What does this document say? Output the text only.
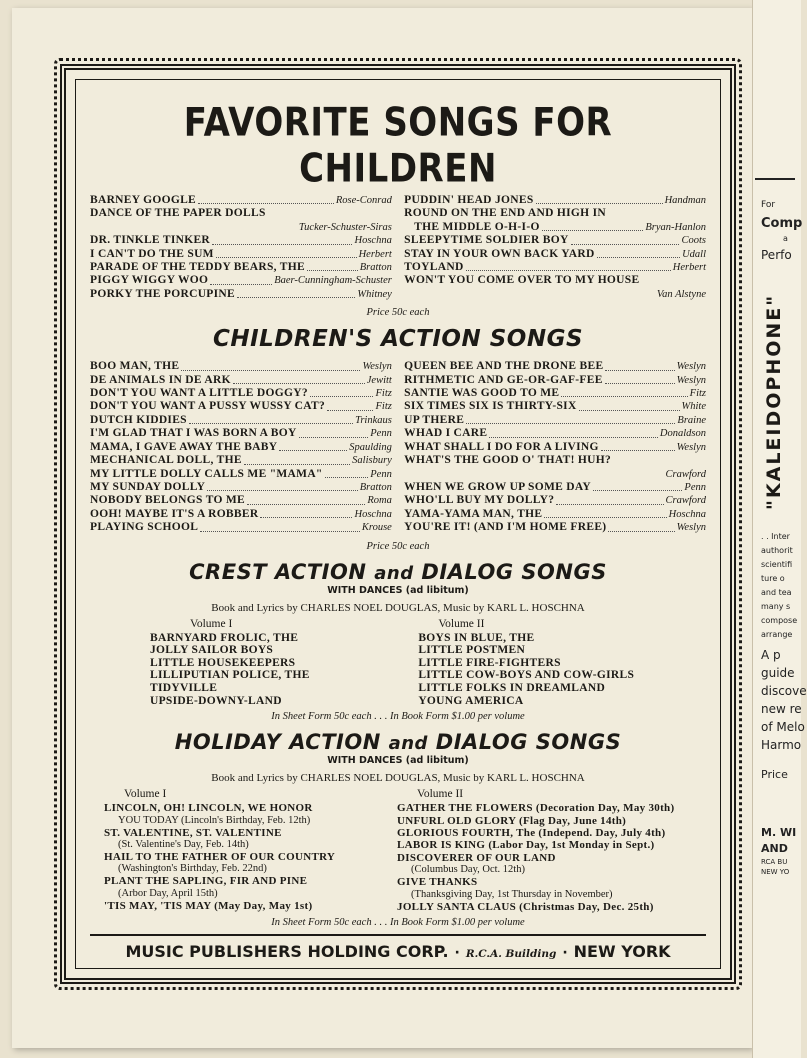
For
Comp
a
Perfo
"KALEIDOPHONE"
. . Inter
authorit
scientifi
ture o
and tea
many s
compose
arrange
A p
guide
discove
new re
of Melo
Harmo
Price
M. WI
AND
RCA BU
NEW YO
FAVORITE SONGS FOR CHILDREN
BARNEY GOOGLE	Rose-Conrad
DANCE OF THE PAPER DOLLS
Tucker-Schuster-Siras
DR. TINKLE TINKER	Hoschna
I CAN'T DO THE SUM	Herbert
PARADE OF THE TEDDY BEARS, THE	Bratton
PIGGY WIGGY WOO	Baer-Cunningham-Schuster
PORKY THE PORCUPINE	Whitney
PUDDIN' HEAD JONES	Handman
ROUND ON THE END AND HIGH IN
THE MIDDLE O-H-I-O	Bryan-Hanlon
SLEEPYTIME SOLDIER BOY	Coots
STAY IN YOUR OWN BACK YARD	Udall
TOYLAND	Herbert
WON'T YOU COME OVER TO MY HOUSE
Van Alstyne
Price 50c each
CHILDREN'S ACTION SONGS
BOO MAN, THE	Weslyn
DE ANIMALS IN DE ARK	Jewitt
DON'T YOU WANT A LITTLE DOGGY?	Fitz
DON'T YOU WANT A PUSSY WUSSY CAT?	Fitz
DUTCH KIDDIES	Trinkaus
I'M GLAD THAT I WAS BORN A BOY	Penn
MAMA, I GAVE AWAY THE BABY	Spaulding
MECHANICAL DOLL, THE	Salisbury
MY LITTLE DOLLY CALLS ME "MAMA"	Penn
MY SUNDAY DOLLY	Bratton
NOBODY BELONGS TO ME	Roma
OOH! MAYBE IT'S A ROBBER	Hoschna
PLAYING SCHOOL	Krouse
QUEEN BEE AND THE DRONE BEE	Weslyn
RITHMETIC AND GE-OR-GAF-FEE	Weslyn
SANTIE WAS GOOD TO ME	Fitz
SIX TIMES SIX IS THIRTY-SIX	White
UP THERE	Braine
WHAD I CARE	Donaldson
WHAT SHALL I DO FOR A LIVING	Weslyn
WHAT'S THE GOOD O' THAT! HUH?
Crawford
WHEN WE GROW UP SOME DAY	Penn
WHO'LL BUY MY DOLLY?	Crawford
YAMA-YAMA MAN, THE	Hoschna
YOU'RE IT! (AND I'M HOME FREE)	Weslyn
Price 50c each
CREST ACTION and DIALOG SONGS
WITH DANCES (ad libitum)
Book and Lyrics by CHARLES NOEL DOUGLAS, Music by KARL L. HOSCHNA
Volume I
BARNYARD FROLIC, THE
JOLLY SAILOR BOYS
LITTLE HOUSEKEEPERS
LILLIPUTIAN POLICE, THE
TIDYVILLE
UPSIDE-DOWNY-LAND
Volume II
BOYS IN BLUE, THE
LITTLE POSTMEN
LITTLE FIRE-FIGHTERS
LITTLE COW-BOYS AND COW-GIRLS
LITTLE FOLKS IN DREAMLAND
YOUNG AMERICA
In Sheet Form 50c each . . . In Book Form $1.00 per volume
HOLIDAY ACTION and DIALOG SONGS
WITH DANCES (ad libitum)
Book and Lyrics by CHARLES NOEL DOUGLAS, Music by KARL L. HOSCHNA
Volume I
LINCOLN, OH! LINCOLN, WE HONOR
YOU TODAY (Lincoln's Birthday, Feb. 12th)
ST. VALENTINE, ST. VALENTINE
(St. Valentine's Day, Feb. 14th)
HAIL TO THE FATHER OF OUR COUNTRY
(Washington's Birthday, Feb. 22nd)
PLANT THE SAPLING, FIR AND PINE
(Arbor Day, April 15th)
'TIS MAY, 'TIS MAY (May Day, May 1st)
Volume II
GATHER THE FLOWERS (Decoration Day, May 30th)
UNFURL OLD GLORY (Flag Day, June 14th)
GLORIOUS FOURTH, The (Independ. Day, July 4th)
LABOR IS KING (Labor Day, 1st Monday in Sept.)
DISCOVERER OF OUR LAND
(Columbus Day, Oct. 12th)
GIVE THANKS
(Thanksgiving Day, 1st Thursday in November)
JOLLY SANTA CLAUS (Christmas Day, Dec. 25th)
In Sheet Form 50c each . . . In Book Form $1.00 per volume
MUSIC PUBLISHERS HOLDING CORP. · R.C.A. Building · NEW YORK
